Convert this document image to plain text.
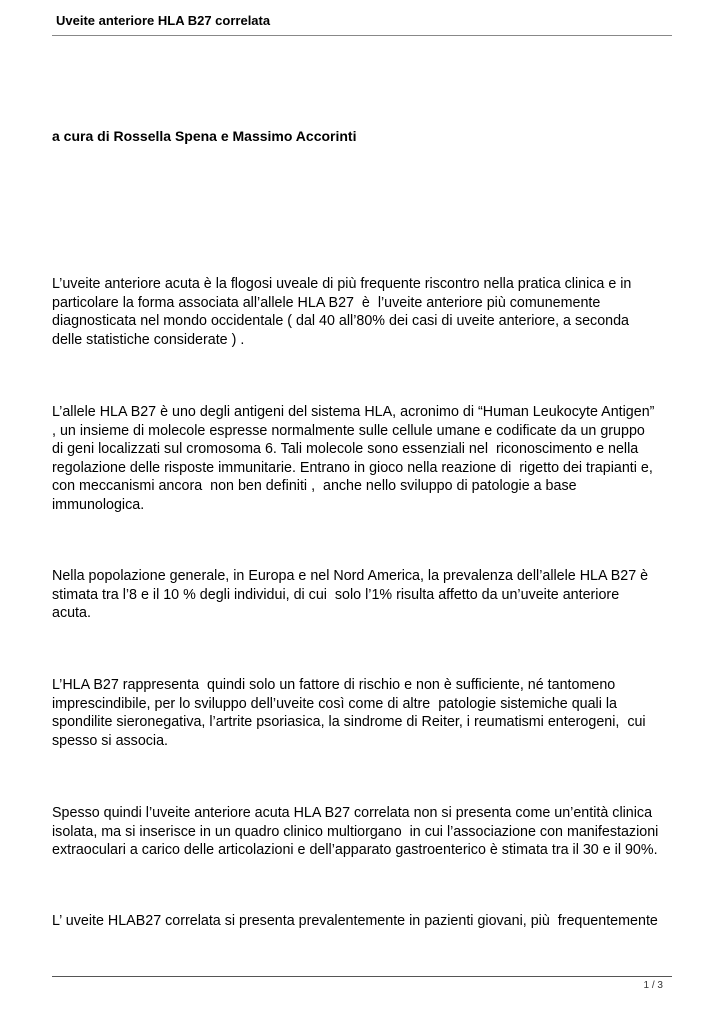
Uveite anteriore HLA B27 correlata
a cura di Rossella Spena e Massimo Accorinti
L’uveite anteriore acuta è la flogosi uveale di più frequente riscontro nella pratica clinica e in
particolare la forma associata all’allele HLA B27  è  l’uveite anteriore più comunemente
diagnosticata nel mondo occidentale ( dal 40 all’80% dei casi di uveite anteriore, a seconda
delle statistiche considerate ) .
L’allele HLA B27 è uno degli antigeni del sistema HLA, acronimo di “Human Leukocyte Antigen”
, un insieme di molecole espresse normalmente sulle cellule umane e codificate da un gruppo
di geni localizzati sul cromosoma 6. Tali molecole sono essenziali nel  riconoscimento e nella
regolazione delle risposte immunitarie. Entrano in gioco nella reazione di  rigetto dei trapianti e,
con meccanismi ancora  non ben definiti ,  anche nello sviluppo di patologie a base
immunologica.
Nella popolazione generale, in Europa e nel Nord America, la prevalenza dell’allele HLA B27 è
stimata tra l’8 e il 10 % degli individui, di cui  solo l’1% risulta affetto da un’uveite anteriore
acuta.
L’HLA B27 rappresenta  quindi solo un fattore di rischio e non è sufficiente, né tantomeno
imprescindibile, per lo sviluppo dell’uveite così come di altre  patologie sistemiche quali la
spondilite sieronegativa, l’artrite psoriasica, la sindrome di Reiter, i reumatismi enterogeni,  cui
spesso si associa.
Spesso quindi l’uveite anteriore acuta HLA B27 correlata non si presenta come un’entità clinica
isolata, ma si inserisce in un quadro clinico multiorgano  in cui l’associazione con manifestazioni
extraoculari a carico delle articolazioni e dell’apparato gastroenterico è stimata tra il 30 e il 90%.
L’ uveite HLAB27 correlata si presenta prevalentemente in pazienti giovani, più  frequentemente
1 / 3
